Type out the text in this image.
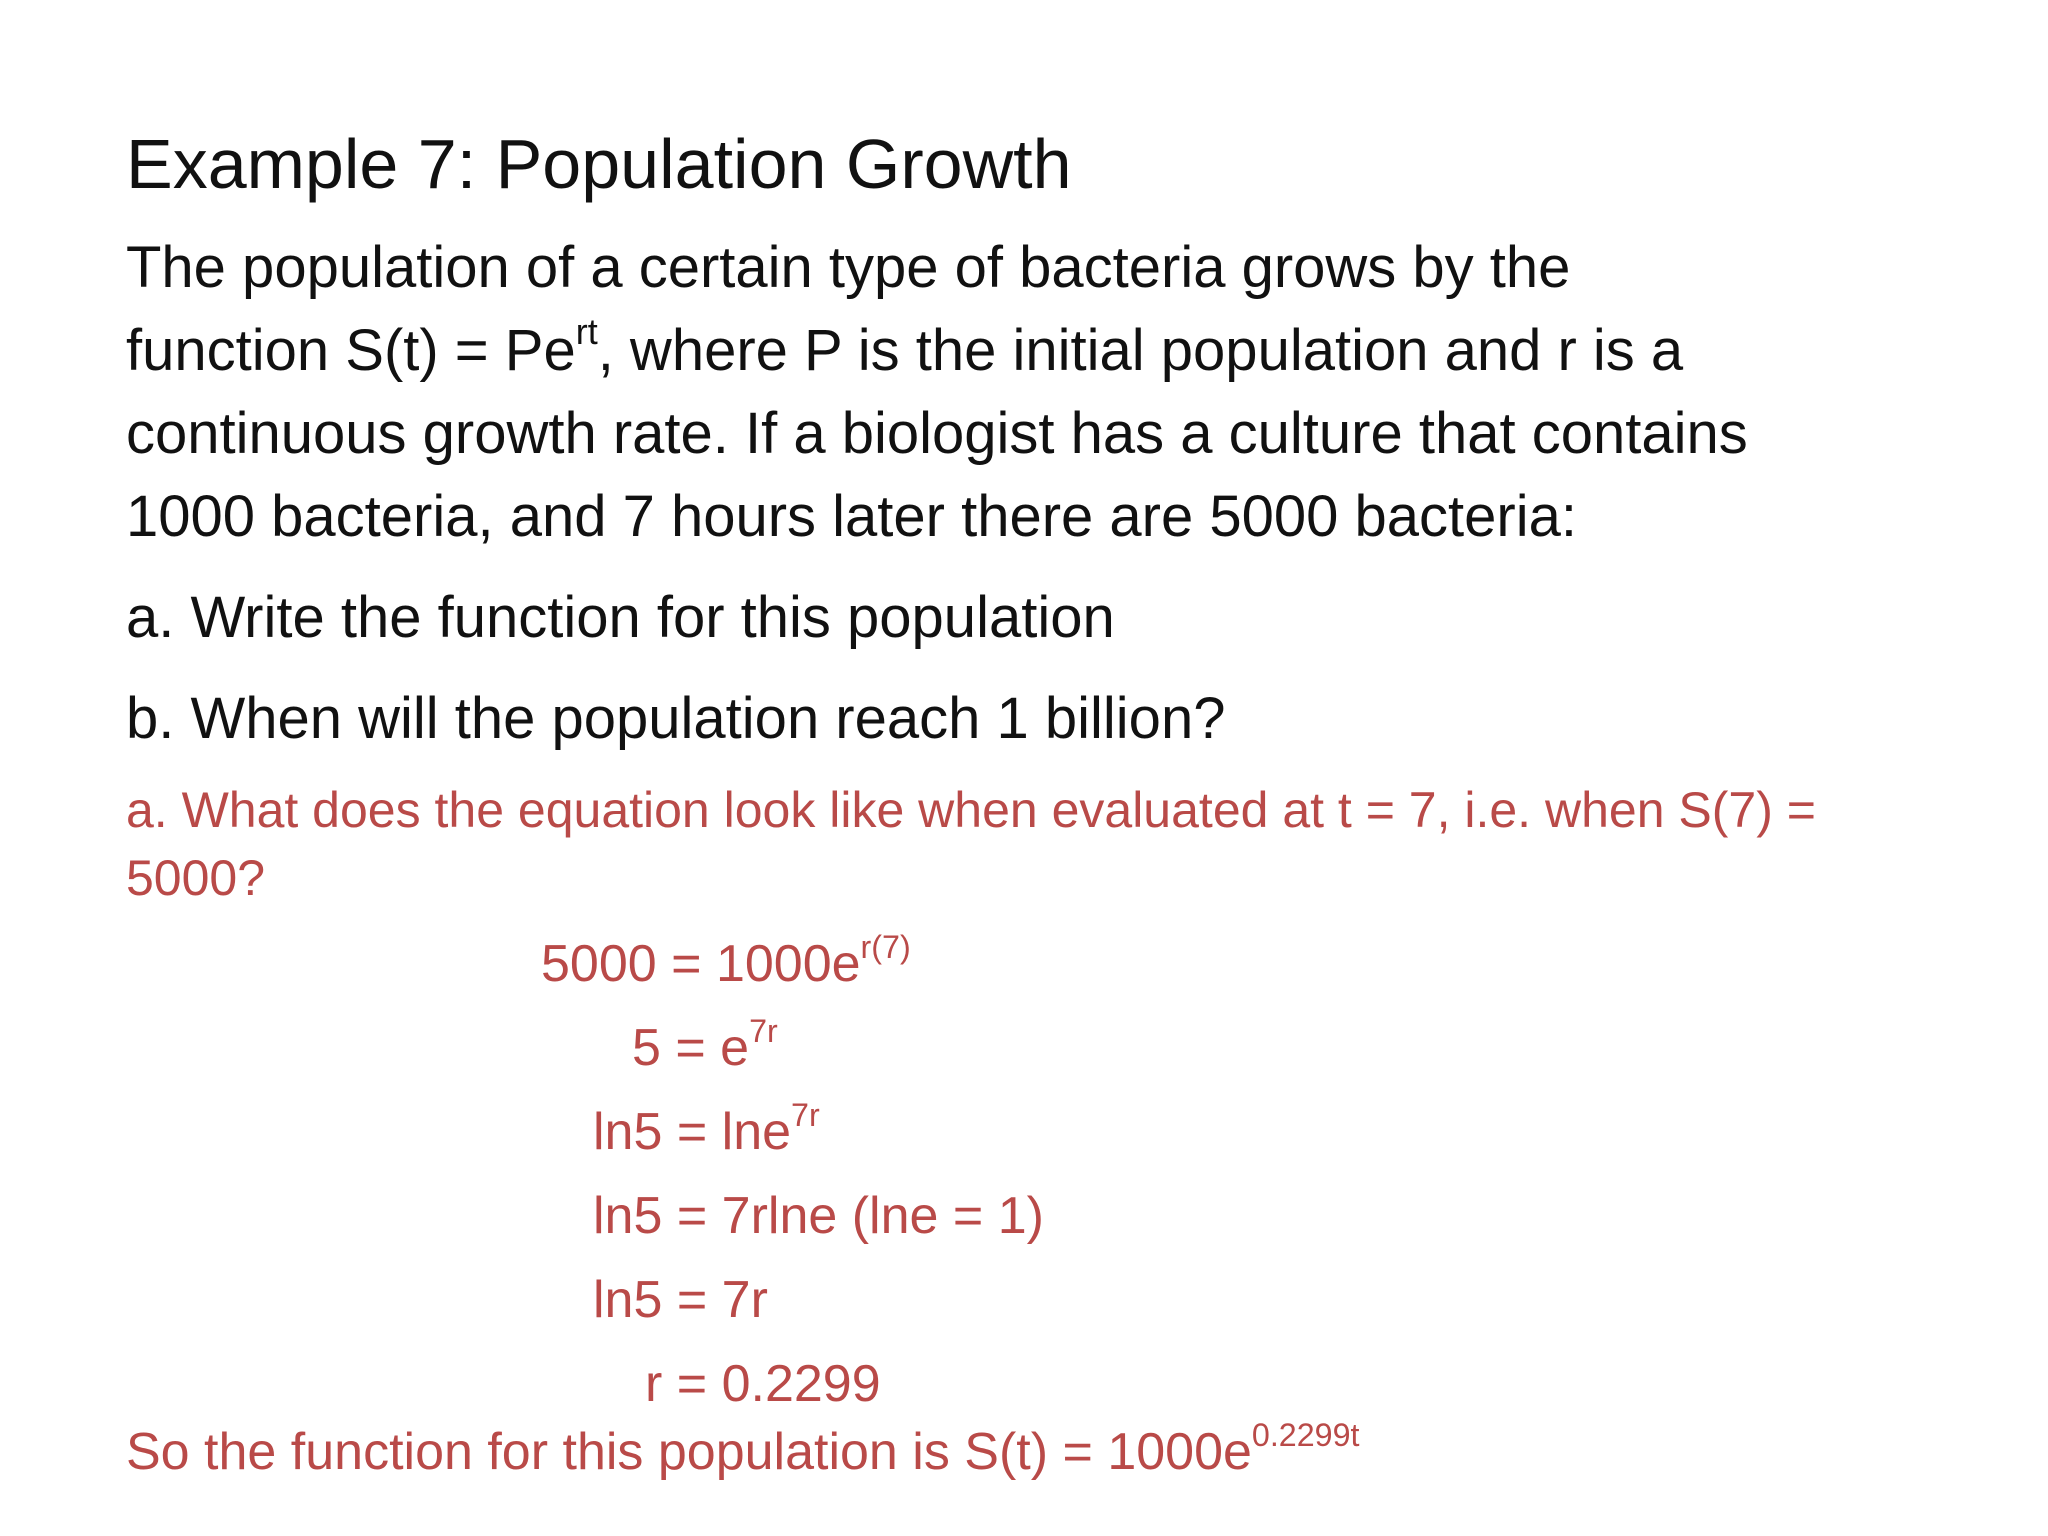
Example 7: Population Growth
The population of a certain type of bacteria grows by the
function $S(t) = Pe^{rt}$, where P is the initial population and r is a
continuous growth rate. If a biologist has a culture that contains
1000 bacteria, and 7 hours later there are 5000 bacteria:
a. Write the function for this population
b. When will the population reach 1 billion?
a. What does the equation look like when evaluated at t = 7, i.e. when S(7) =
5000?
$5000 = 1000e^{r(7)}$
$5 = e^{7r}$
ln5 = lne$^{7r}$
ln5 = 7rlne (lne = 1)
ln5 = 7r
r = 0.2299
So the function for this population is $S(t) = 1000e^{0.2299t}$
